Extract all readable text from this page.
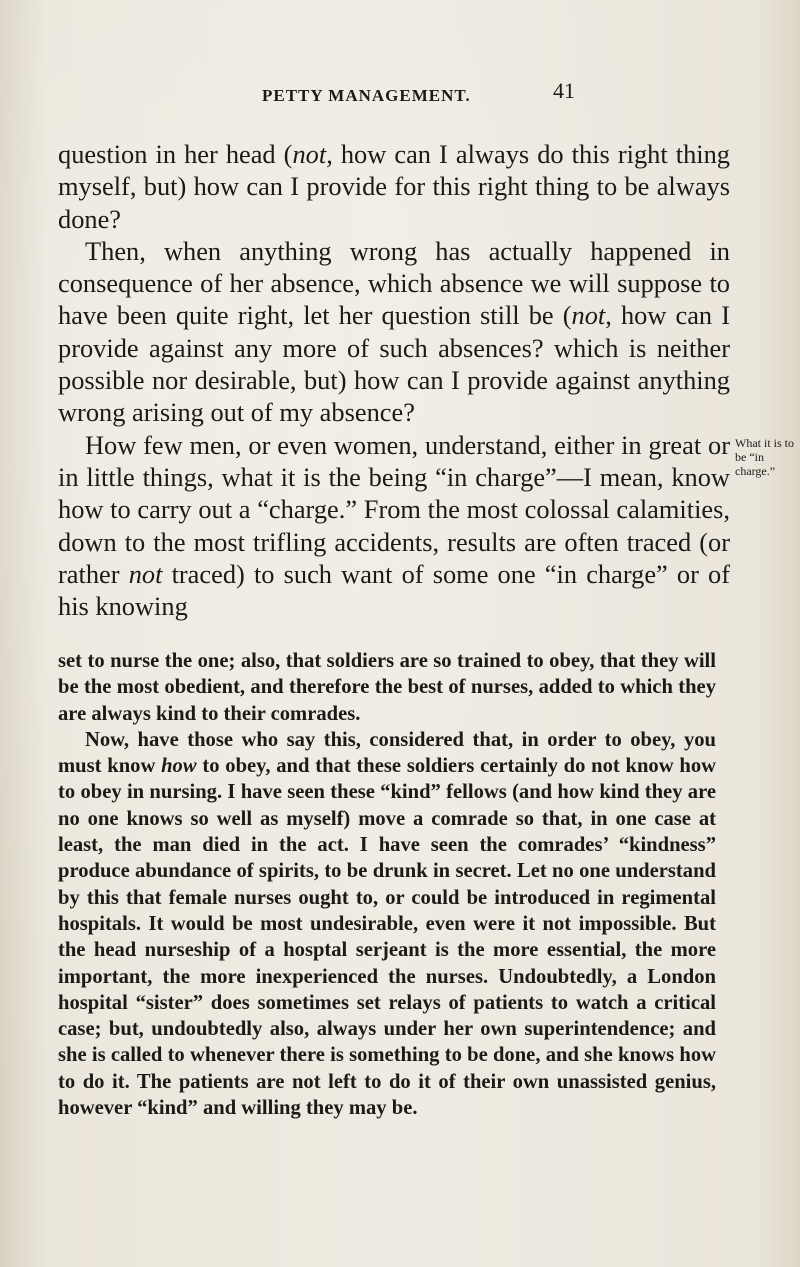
PETTY MANAGEMENT.	41

question in her head (not, how can I always do this right thing myself, but) how can I provide for this right thing to be always done?

Then, when anything wrong has actually happened in consequence of her absence, which absence we will suppose to have been quite right, let her question still be (not, how can I provide against any more of such absences? which is neither possible nor desirable, but) how can I provide against anything wrong arising out of my absence?

How few men, or even women, understand, either in great or in little things, what it is the being “in charge”—I mean, know how to carry out a “charge.” From the most colossal calamities, down to the most trifling accidents, results are often traced (or rather not traced) to such want of some one “in charge” or of his knowing

What it is to be “in charge.”

set to nurse the one; also, that soldiers are so trained to obey, that they will be the most obedient, and therefore the best of nurses, added to which they are always kind to their comrades.

Now, have those who say this, considered that, in order to obey, you must know how to obey, and that these soldiers certainly do not know how to obey in nursing. I have seen these “kind” fellows (and how kind they are no one knows so well as myself) move a comrade so that, in one case at least, the man died in the act. I have seen the comrades’ “kindness” produce abundance of spirits, to be drunk in secret. Let no one understand by this that female nurses ought to, or could be introduced in regimental hospitals. It would be most undesirable, even were it not impossible. But the head nurseship of a hosptal serjeant is the more essential, the more important, the more inexperienced the nurses. Undoubtedly, a London hospital “sister” does sometimes set relays of patients to watch a critical case; but, undoubtedly also, always under her own superintendence; and she is called to whenever there is something to be done, and she knows how to do it. The patients are not left to do it of their own unassisted genius, however “kind” and willing they may be.
